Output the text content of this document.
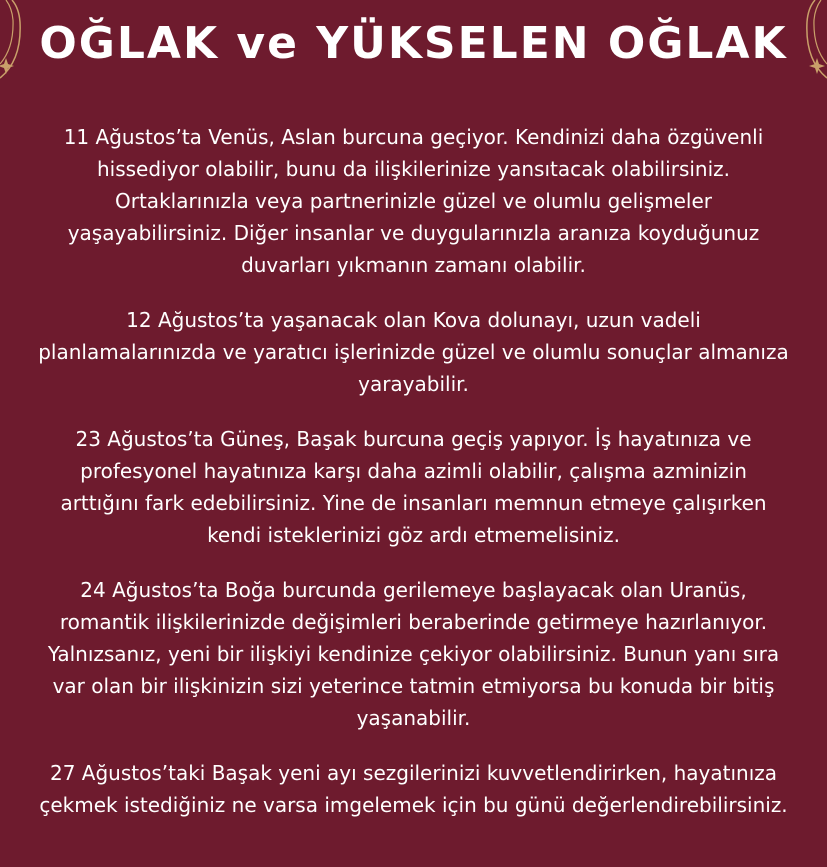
OĞLAK ve YÜKSELEN OĞLAK

11 Ağustos’ta Venüs, Aslan burcuna geçiyor. Kendinizi daha özgüvenli
hissediyor olabilir, bunu da ilişkilerinize yansıtacak olabilirsiniz.
Ortaklarınızla veya partnerinizle güzel ve olumlu gelişmeler
yaşayabilirsiniz. Diğer insanlar ve duygularınızla aranıza koyduğunuz
duvarları yıkmanın zamanı olabilir.

12 Ağustos’ta yaşanacak olan Kova dolunayı, uzun vadeli
planlamalarınızda ve yaratıcı işlerinizde güzel ve olumlu sonuçlar almanıza
yarayabilir.

23 Ağustos’ta Güneş, Başak burcuna geçiş yapıyor. İş hayatınıza ve
profesyonel hayatınıza karşı daha azimli olabilir, çalışma azminizin
arttığını fark edebilirsiniz. Yine de insanları memnun etmeye çalışırken
kendi isteklerinizi göz ardı etmemelisiniz.

24 Ağustos’ta Boğa burcunda gerilemeye başlayacak olan Uranüs,
romantik ilişkilerinizde değişimleri beraberinde getirmeye hazırlanıyor.
Yalnızsanız, yeni bir ilişkiyi kendinize çekiyor olabilirsiniz. Bunun yanı sıra
var olan bir ilişkinizin sizi yeterince tatmin etmiyorsa bu konuda bir bitiş
yaşanabilir.

27 Ağustos’taki Başak yeni ayı sezgilerinizi kuvvetlendirirken, hayatınıza
çekmek istediğiniz ne varsa imgelemek için bu günü değerlendirebilirsiniz.
